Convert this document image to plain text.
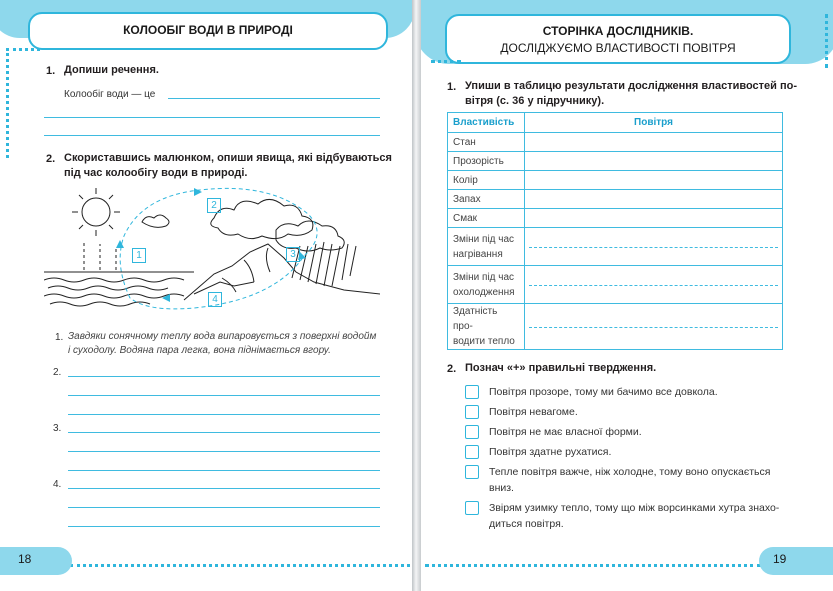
КОЛООБІГ ВОДИ В ПРИРОДІ
1. Допиши речення.
Колообіг води — це
2. Скориставшись малюнком, опиши явища, які відбуваються
під час колообігу води в природі.
1
2
3
4
1. Завдяки сонячному теплу вода випаровується з поверхні водойм
і суходолу. Водяна пара легка, вона піднімається вгору.
2.
3.
4.
18
СТОРІНКА ДОСЛІДНИКІВ.
ДОСЛІДЖУЄМО ВЛАСТИВОСТІ ПОВІТРЯ
1. Упиши в таблицю результати дослідження властивостей по-
вітря (с. 36 у підручнику).
Властивість	Повітря
Стан	
Прозорість	
Колір	
Запах	
Смак	

Зміни під час
нагрівання	

Зміни під час
охолодження	

Здатність про-
водити тепло	

2. Познач «+» правильні твердження.
Повітря прозоре, тому ми бачимо все довкола.
Повітря невагоме.
Повітря не має власної форми.
Повітря здатне рухатися.
Тепле повітря важче, ніж холодне, тому воно опускається
вниз.
Звірям узимку тепло, тому що між ворсинками хутра знахо-
диться повітря.
19
